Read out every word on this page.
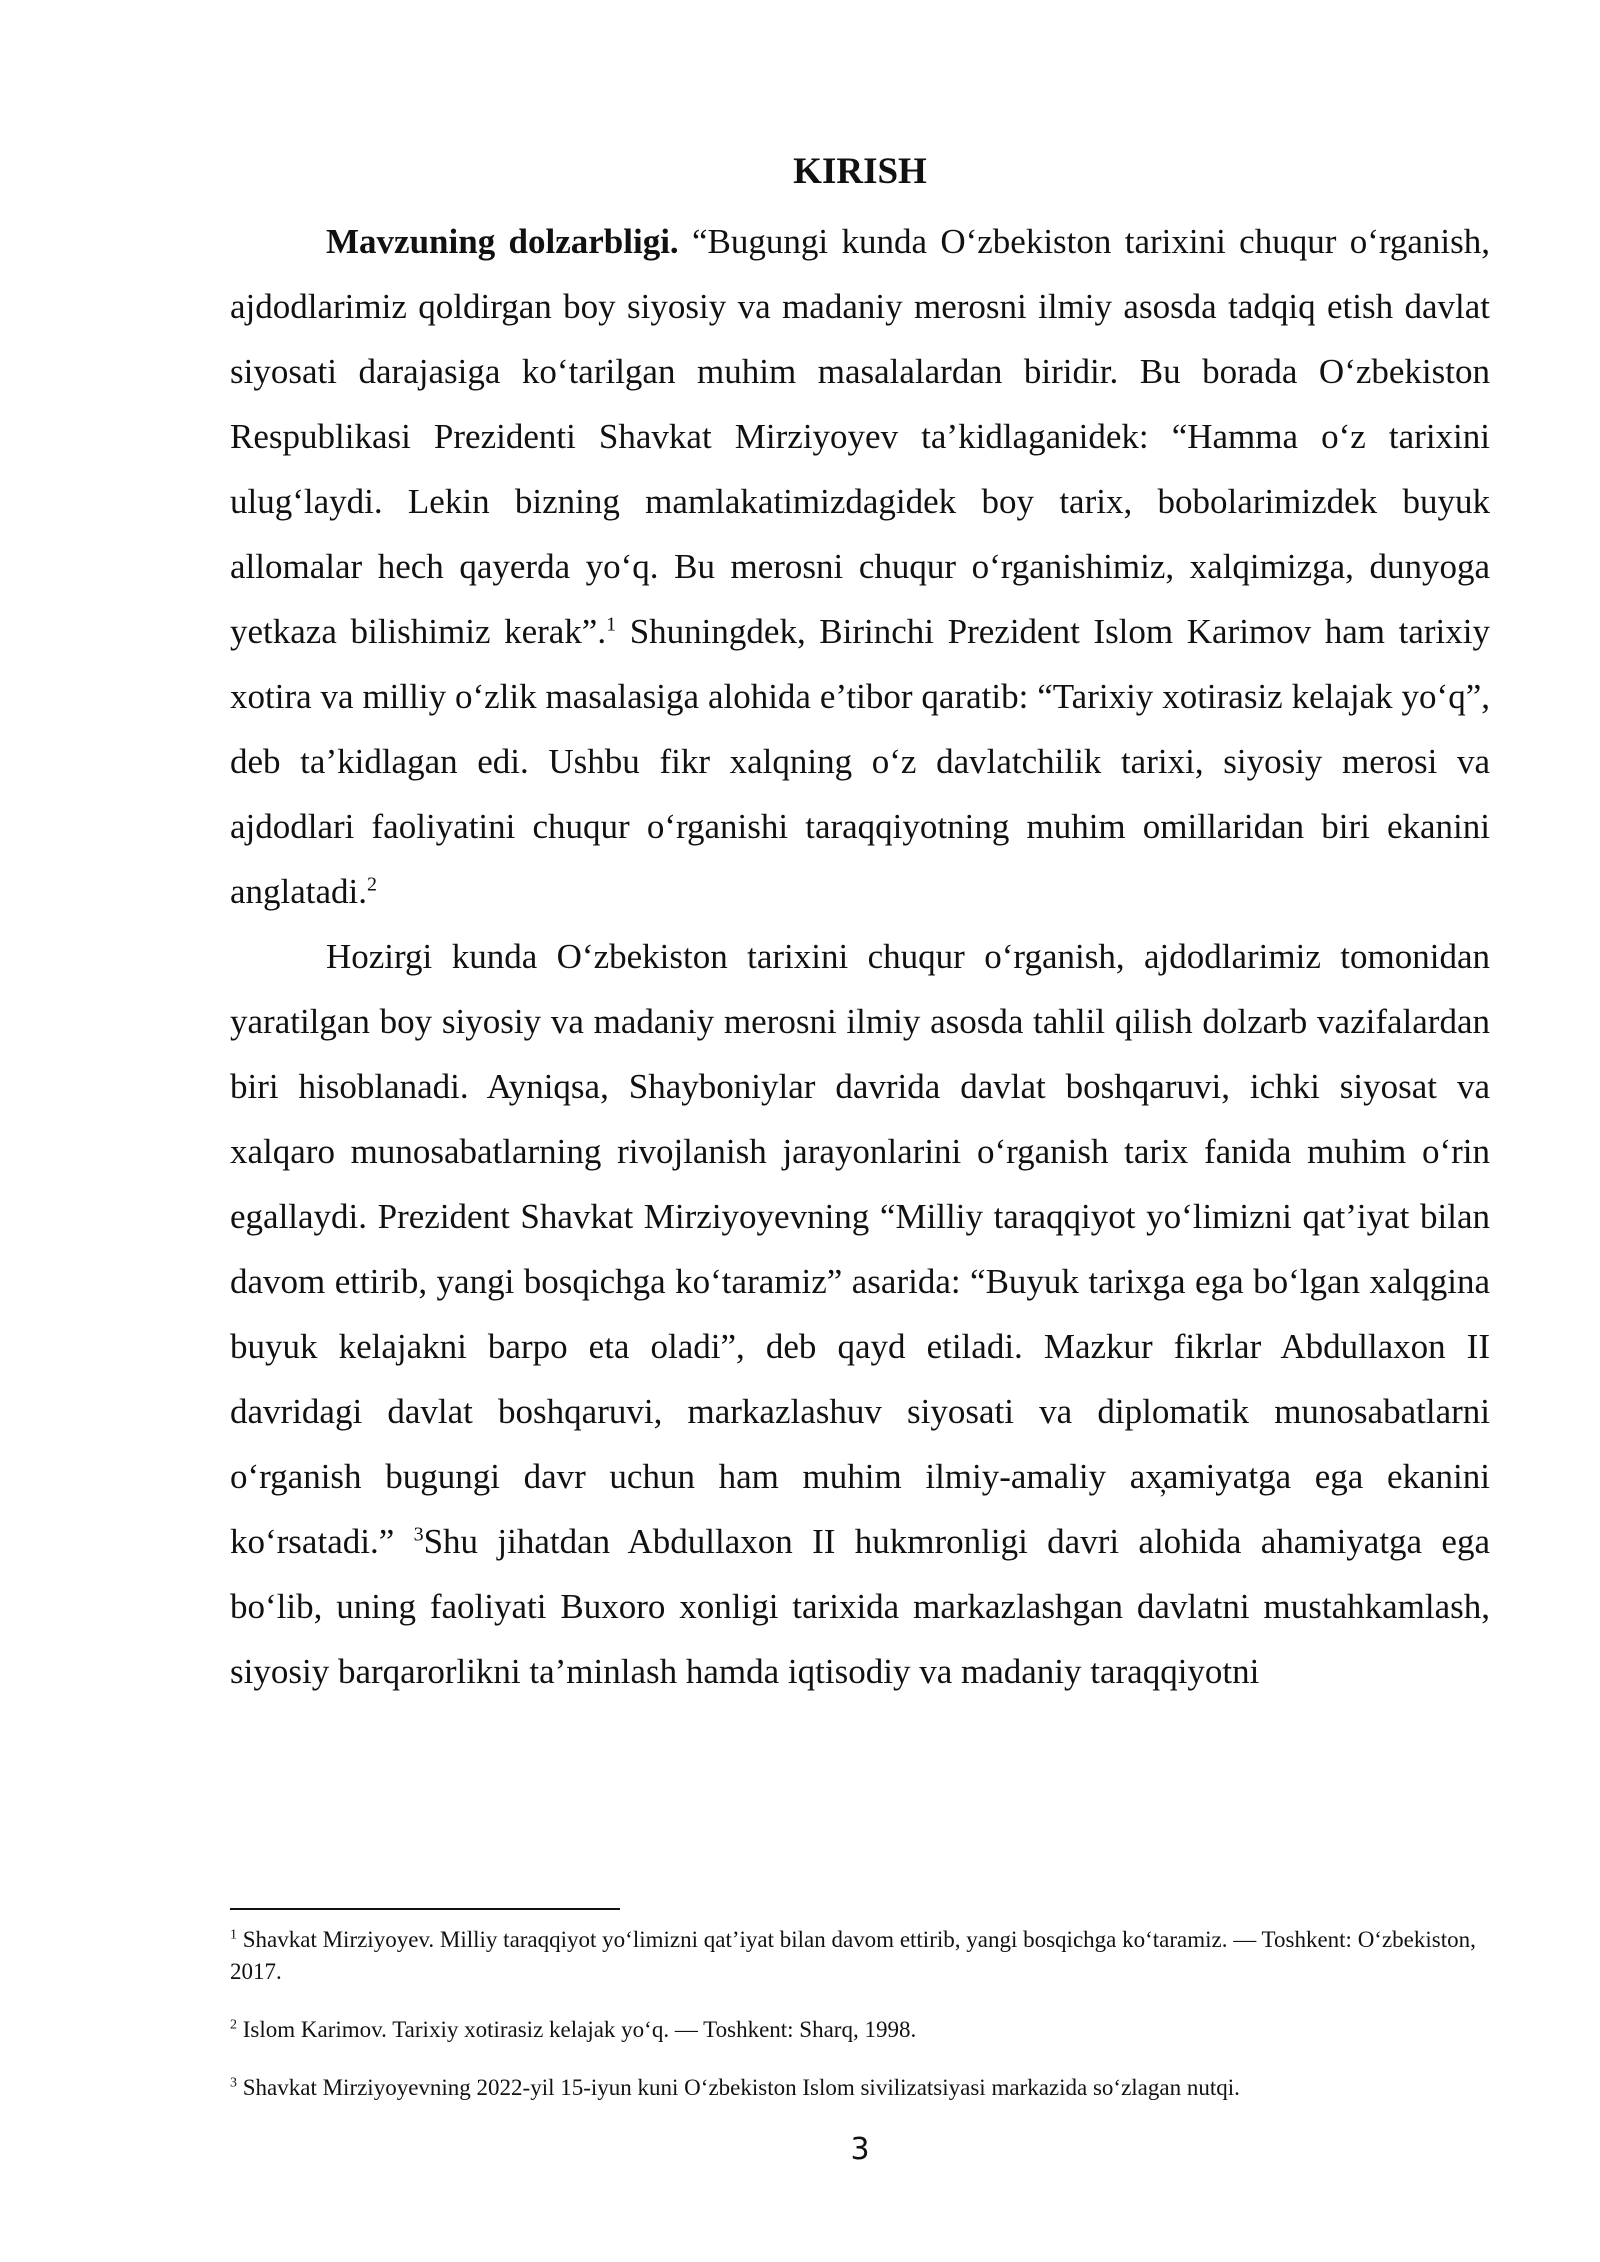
KIRISH

Mavzuning dolzarbligi. “Bugungi kunda O‘zbekiston tarixini chuqur o‘rganish, ajdodlarimiz qoldirgan boy siyosiy va madaniy merosni ilmiy asosda tadqiq etish davlat siyosati darajasiga ko‘tarilgan muhim masalalardan biridir. Bu borada O‘zbekiston Respublikasi Prezidenti Shavkat Mirziyoyev ta’kidlaganidek: “Hamma o‘z tarixini ulug‘laydi. Lekin bizning mamlakatimizdagidek boy tarix, bobolarimizdek buyuk allomalar hech qayerda yo‘q. Bu merosni chuqur o‘rganishimiz, xalqimizga, dunyoga yetkaza bilishimiz kerak”.$^1$ Shuningdek, Birinchi Prezident Islom Karimov ham tarixiy xotira va milliy o‘zlik masalasiga alohida e’tibor qaratib: “Tarixiy xotirasiz kelajak yo‘q”, deb ta’kidlagan edi. Ushbu fikr xalqning o‘z davlatchilik tarixi, siyosiy merosi va ajdodlari faoliyatini chuqur o‘rganishi taraqqiyotning muhim omillaridan biri ekanini anglatadi.$^2$

Hozirgi kunda O‘zbekiston tarixini chuqur o‘rganish, ajdodlarimiz tomonidan yaratilgan boy siyosiy va madaniy merosni ilmiy asosda tahlil qilish dolzarb vazifalardan biri hisoblanadi. Ayniqsa, Shayboniylar davrida davlat boshqaruvi, ichki siyosat va xalqaro munosabatlarning rivojlanish jarayonlarini o‘rganish tarix fanida muhim o‘rin egallaydi. Prezident Shavkat Mirziyoyevning “Milliy taraqqiyot yo‘limizni qat’iyat bilan davom ettirib, yangi bosqichga ko‘taramiz” asarida: “Buyuk tarixga ega bo‘lgan xalqgina buyuk kelajakni barpo eta oladi”, deb qayd etiladi. Mazkur fikrlar Abdullaxon II davridagi davlat boshqaruvi, markazlashuv siyosati va diplomatik munosabatlarni o‘rganish bugungi davr uchun ham muhim ilmiy-amaliy ax̦amiyatga ega ekanini ko‘rsatadi.” $^3$Shu jihatdan Abdullaxon II hukmronligi davri alohida ahamiyatga ega bo‘lib, uning faoliyati Buxoro xonligi tarixida markazlashgan davlatni mustahkamlash, siyosiy barqarorlikni ta’minlash hamda iqtisodiy va madaniy taraqqiyotni

$^1$ Shavkat Mirziyoyev. Milliy taraqqiyot yo‘limizni qat’iyat bilan davom ettirib, yangi bosqichga ko‘taramiz. — Toshkent: O‘zbekiston, 2017.

$^2$ Islom Karimov. Tarixiy xotirasiz kelajak yo‘q. — Toshkent: Sharq, 1998.

$^3$ Shavkat Mirziyoyevning 2022-yil 15-iyun kuni O‘zbekiston Islom sivilizatsiyasi markazida so‘zlagan nutqi.

3
